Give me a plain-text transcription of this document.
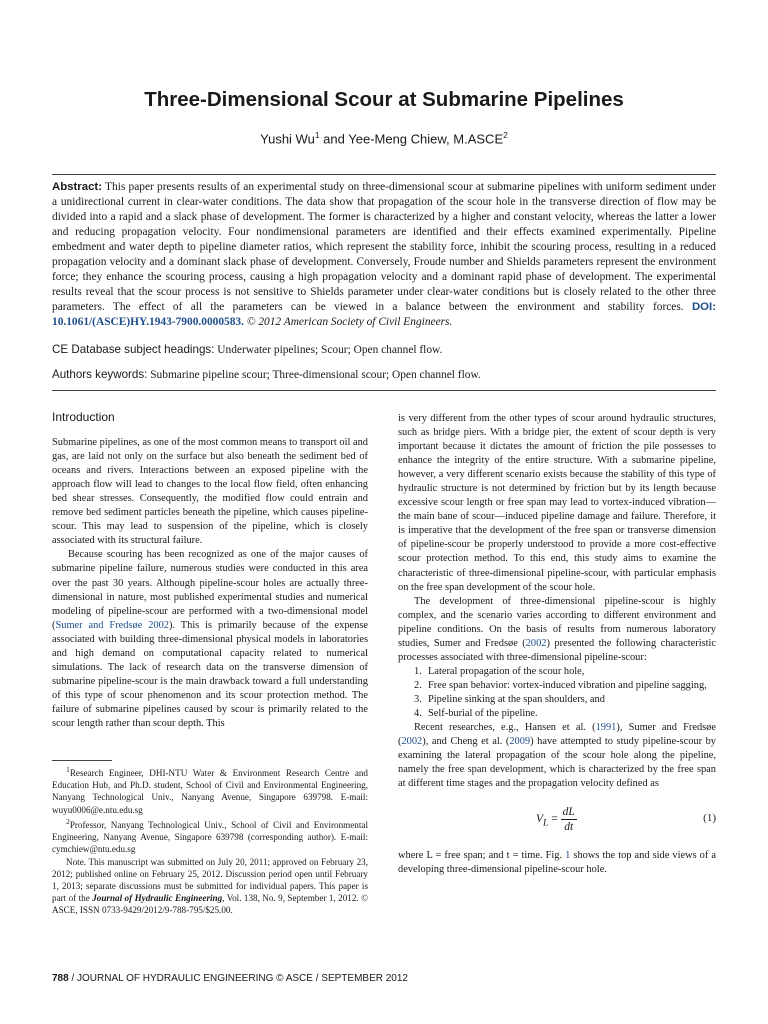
Three-Dimensional Scour at Submarine Pipelines
Yushi Wu$^1$ and Yee-Meng Chiew, M.ASCE$^2$
Abstract: This paper presents results of an experimental study on three-dimensional scour at submarine pipelines with uniform sediment under a unidirectional current in clear-water conditions. The data show that propagation of the scour hole in the transverse direction of flow may be divided into a rapid and a slack phase of development. The former is characterized by a higher and constant velocity, whereas the latter a lower and reducing propagation velocity. Four nondimensional parameters are identified and their effects examined experimentally. Pipeline embedment and water depth to pipeline diameter ratios, which represent the stability force, inhibit the scouring process, resulting in a reduced propagation velocity and a dominant slack phase of development. Conversely, Froude number and Shields parameters represent the environment force; they enhance the scouring process, causing a high propagation velocity and a dominant rapid phase of development. The experimental results reveal that the scour process is not sensitive to Shields parameter under clear-water conditions but is closely related to the other three parameters. The effect of all the parameters can be viewed in a balance between the environment and stability forces. DOI: 10.1061/(ASCE)HY.1943-7900.0000583. © 2012 American Society of Civil Engineers.
CE Database subject headings: Underwater pipelines; Scour; Open channel flow.
Authors keywords: Submarine pipeline scour; Three-dimensional scour; Open channel flow.
Introduction

Submarine pipelines, as one of the most common means to transport oil and gas, are laid not only on the surface but also beneath the sediment bed of oceans and rivers. Interactions between an exposed pipeline with the approach flow will lead to changes to the local flow field, often enhancing bed shear stresses. Consequently, the modified flow could entrain and remove bed sediment particles beneath the pipeline, which causes pipeline-scour. This may lead to suspension of the pipeline, which is closely associated with its structural failure.

Because scouring has been recognized as one of the major causes of submarine pipeline failure, numerous studies were conducted in this area over the past 30 years. Although pipeline-scour holes are actually three-dimensional in nature, most published experimental studies and numerical modeling of pipeline-scour are performed with a two-dimensional model (Sumer and Fredsøe 2002). This is primarily because of the expense associated with building three-dimensional physical models in laboratories and high demand on computational capacity related to numerical simulations. The lack of research data on the transverse dimension of submarine pipeline-scour is the main drawback toward a full understanding of this type of scour phenomenon and its scour protection method. The failure of submarine pipelines caused by scour is primarily related to the scour length rather than scour depth. This

is very different from the other types of scour around hydraulic structures, such as bridge piers. With a bridge pier, the extent of scour depth is very important because it dictates the amount of friction the pile possesses to enhance the integrity of the entire structure. With a submarine pipeline, however, a very different scenario exists because the stability of this type of hydraulic structure is not determined by friction but by its length because excessive scour length or free span may lead to vortex-induced vibration—the main bane of scour—induced pipeline damage and failure. Therefore, it is imperative that the development of the free span or transverse dimension of pipeline-scour be properly understood to provide a more cost-effective scour protection method. To this end, this study aims to examine the characteristic of three-dimensional pipeline-scour, with particular emphasis on the free span development of the scour hole.

The development of three-dimensional pipeline-scour is highly complex, and the scenario varies according to different environment and pipeline conditions. On the basis of results from numerous laboratory studies, Sumer and Fredsøe (2002) presented the following characteristic processes associated with three-dimensional pipeline-scour:

1. Lateral propagation of the scour hole,
2. Free span behavior: vortex-induced vibration and pipeline sagging,
3. Pipeline sinking at the span shoulders, and
4. Self-burial of the pipeline.

Recent researches, e.g., Hansen et al. (1991), Sumer and Fredsøe (2002), and Cheng et al. (2009) have attempted to study pipeline-scour by examining the lateral propagation of the scour hole along the pipeline, namely the free span development, which is characterized by the free span at different time stages and the propagation velocity defined as

$V_L = \frac{dL}{dt}$	(1)

where L = free span; and t = time. Fig. 1 shows the top and side views of a developing three-dimensional pipeline-scour hole.

$^1$Research Engineer, DHI-NTU Water & Environment Research Centre and Education Hub, and Ph.D. student, School of Civil and Environmental Engineering, Nanyang Technological Univ., Nanyang Avenue, Singapore 639798. E-mail: wuyu0006@e.ntu.edu.sg

$^2$Professor, Nanyang Technological Univ., School of Civil and Environmental Engineering, Nanyang Avenue, Singapore 639798 (corresponding author). E-mail: cymchiew@ntu.edu.sg

Note. This manuscript was submitted on July 20, 2011; approved on February 23, 2012; published online on February 25, 2012. Discussion period open until February 1, 2013; separate discussions must be submitted for individual papers. This paper is part of the Journal of Hydraulic Engineering, Vol. 138, No. 9, September 1, 2012. © ASCE, ISSN 0733-9429/2012/9-788-795/$25.00.

788 / JOURNAL OF HYDRAULIC ENGINEERING © ASCE / SEPTEMBER 2012
